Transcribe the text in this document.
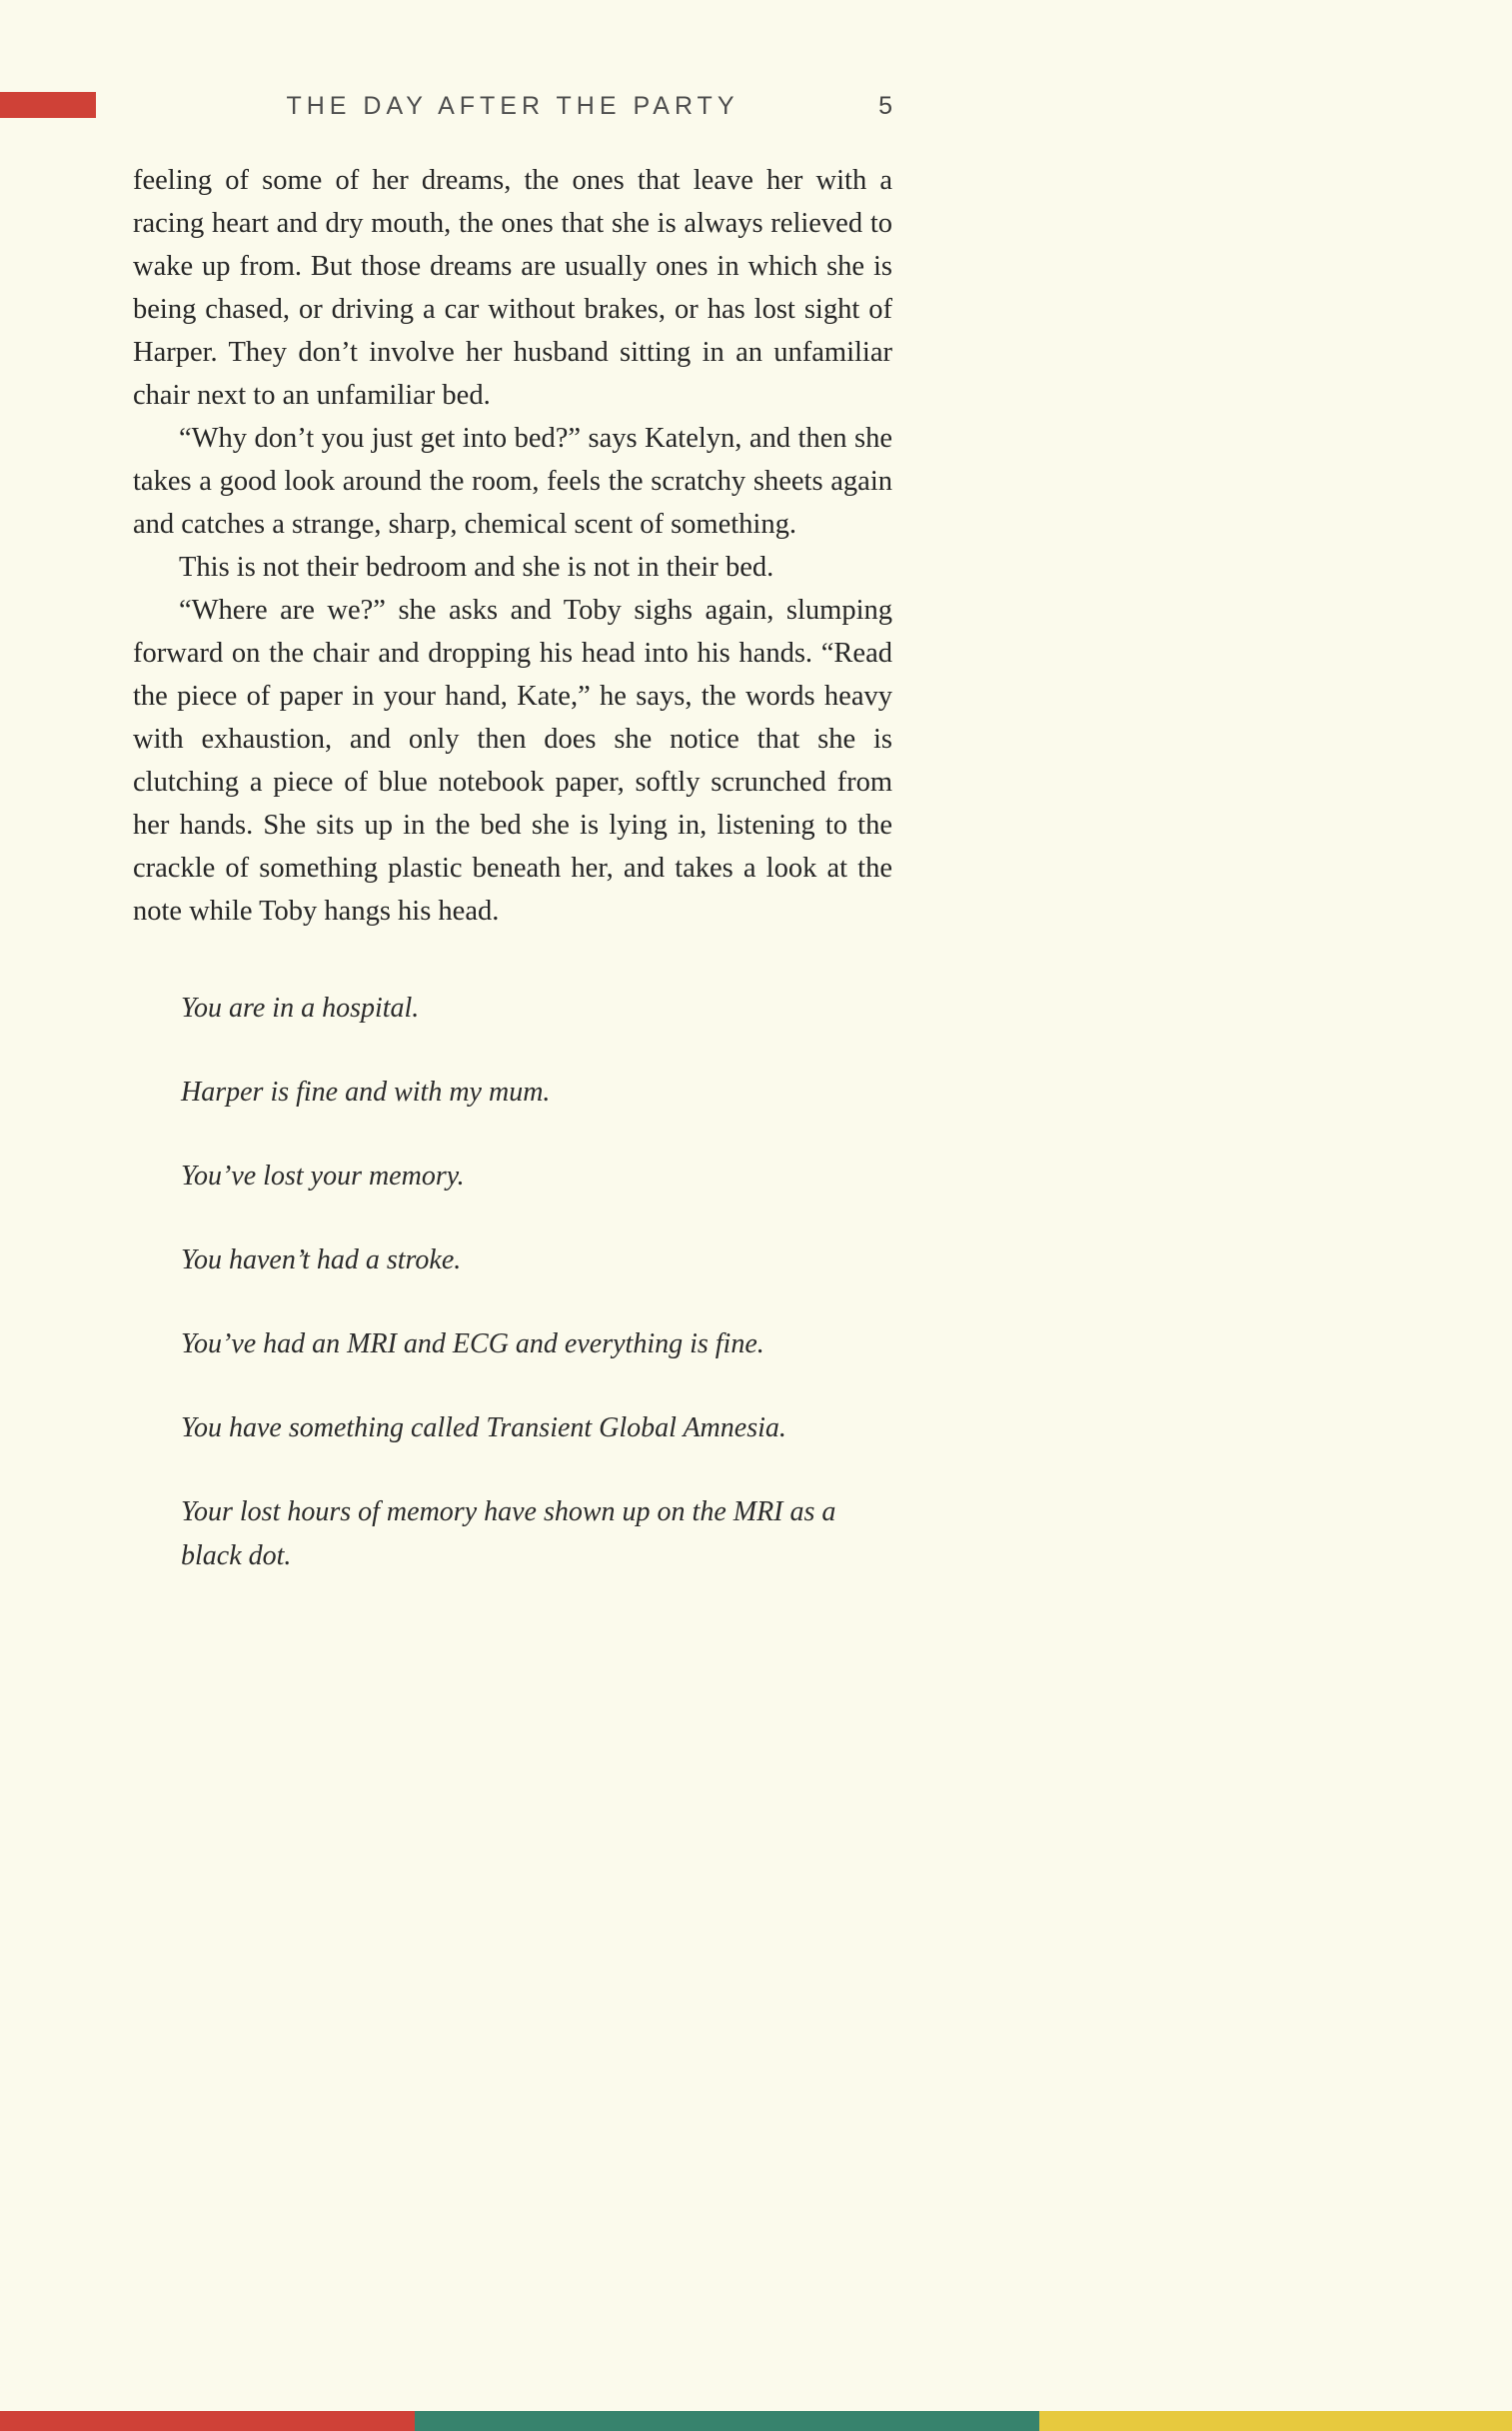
THE DAY AFTER THE PARTY	5

feeling of some of her dreams, the ones that leave her with a racing heart and dry mouth, the ones that she is always relieved to wake up from. But those dreams are usually ones in which she is being chased, or driving a car without brakes, or has lost sight of Harper. They don’t involve her husband sitting in an unfamiliar chair next to an unfamiliar bed.

“Why don’t you just get into bed?” says Katelyn, and then she takes a good look around the room, feels the scratchy sheets again and catches a strange, sharp, chemical scent of something.

This is not their bedroom and she is not in their bed.

“Where are we?” she asks and Toby sighs again, slumping forward on the chair and dropping his head into his hands. “Read the piece of paper in your hand, Kate,” he says, the words heavy with exhaustion, and only then does she notice that she is clutching a piece of blue notebook paper, softly scrunched from her hands. She sits up in the bed she is lying in, listening to the crackle of something plastic beneath her, and takes a look at the note while Toby hangs his head.

You are in a hospital.

Harper is fine and with my mum.

You’ve lost your memory.

You haven’t had a stroke.

You’ve had an MRI and ECG and everything is fine.

You have something called Transient Global Amnesia.

Your lost hours of memory have shown up on the MRI as a black dot.
